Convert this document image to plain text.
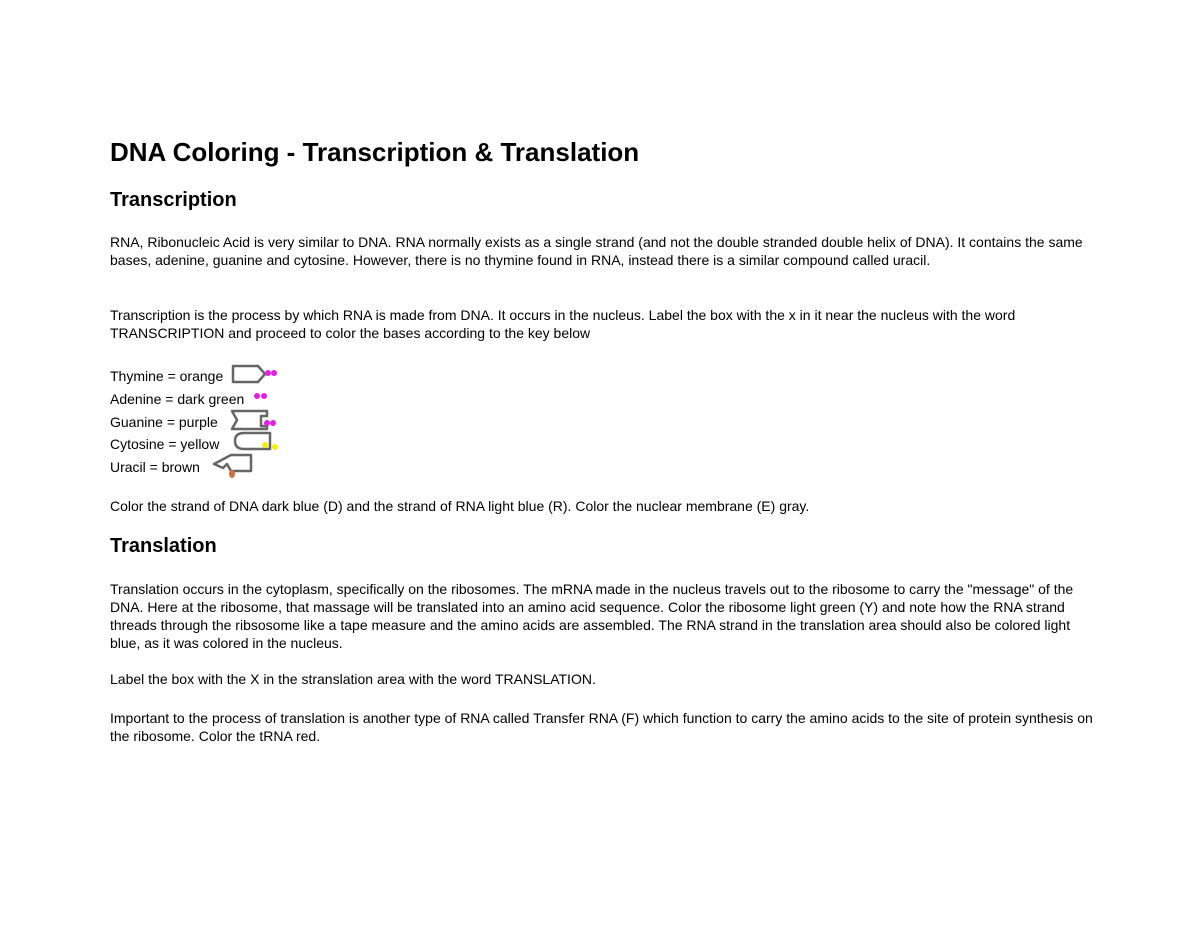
DNA Coloring - Transcription & Translation
Transcription
RNA, Ribonucleic Acid is very similar to DNA. RNA normally exists as a single strand (and not the double stranded double helix of DNA). It contains the same bases, adenine, guanine and cytosine. However, there is no thymine found in RNA, instead there is a similar compound called uracil.
Transcription is the process by which RNA is made from DNA. It occurs in the nucleus. Label the box with the x in it near the nucleus with the word TRANSCRIPTION and proceed to color the bases according to the key below
Thymine = orange
Adenine = dark green
Guanine = purple
Cytosine = yellow
Uracil = brown
Color the strand of DNA dark blue (D) and the strand of RNA light blue (R). Color the nuclear membrane (E) gray.
Translation
Translation occurs in the cytoplasm, specifically on the ribosomes. The mRNA made in the nucleus travels out to the ribosome to carry the "message" of the DNA. Here at the ribosome, that massage will be translated into an amino acid sequence. Color the ribosome light green (Y) and note how the RNA strand threads through the ribsosome like a tape measure and the amino acids are assembled. The RNA strand in the translation area should also be colored light blue, as it was colored in the nucleus.
Label the box with the X in the stranslation area with the word TRANSLATION.
Important to the process of translation is another type of RNA called Transfer RNA (F) which function to carry the amino acids to the site of protein synthesis on the ribosome. Color the tRNA red.
